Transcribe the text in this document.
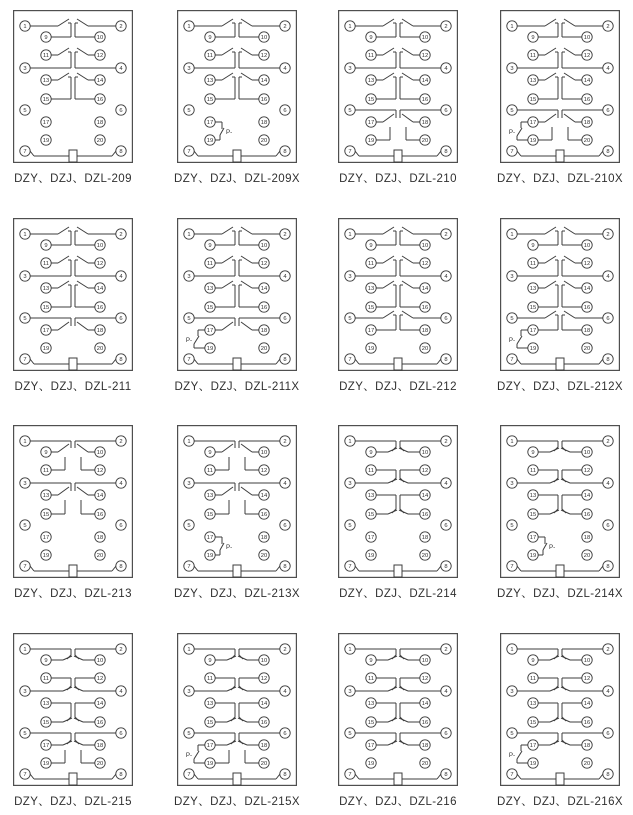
1	2
3	4
5	6
7	8
9	10
11	12
13	14
15	16
17	18
19	20
DZY、DZJ、DZL-209
P-
1	2
3	4
5	6
7	8
9	10
11	12
13	14
15	16
17	18
19	20
DZY、DZJ、DZL-209X
1	2
3	4
5	6
7	8
9	10
11	12
13	14
15	16
17	18
19	20
DZY、DZJ、DZL-210
P-
1	2
3	4
5	6
7	8
9	10
11	12
13	14
15	16
17	18
19	20
DZY、DZJ、DZL-210X
1	2
3	4
5	6
7	8
9	10
11	12
13	14
15	16
17	18
19	20
DZY、DZJ、DZL-211
P-
1	2
3	4
5	6
7	8
9	10
11	12
13	14
15	16
17	18
19	20
DZY、DZJ、DZL-211X
1	2
3	4
5	6
7	8
9	10
11	12
13	14
15	16
17	18
19	20
DZY、DZJ、DZL-212
P-
1	2
3	4
5	6
7	8
9	10
11	12
13	14
15	16
17	18
19	20
DZY、DZJ、DZL-212X
1	2
3	4
5	6
7	8
9	10
11	12
13	14
15	16
17	18
19	20
DZY、DZJ、DZL-213
P-
1	2
3	4
5	6
7	8
9	10
11	12
13	14
15	16
17	18
19	20
DZY、DZJ、DZL-213X
1	2
3	4
5	6
7	8
9	10
11	12
13	14
15	16
17	18
19	20
DZY、DZJ、DZL-214
P-
1	2
3	4
5	6
7	8
9	10
11	12
13	14
15	16
17	18
19	20
DZY、DZJ、DZL-214X
1	2
3	4
5	6
7	8
9	10
11	12
13	14
15	16
17	18
19	20
DZY、DZJ、DZL-215
P-
1	2
3	4
5	6
7	8
9	10
11	12
13	14
15	16
17	18
19	20
DZY、DZJ、DZL-215X
1	2
3	4
5	6
7	8
9	10
11	12
13	14
15	16
17	18
19	20
DZY、DZJ、DZL-216
P-
1	2
3	4
5	6
7	8
9	10
11	12
13	14
15	16
17	18
19	20
DZY、DZJ、DZL-216X
